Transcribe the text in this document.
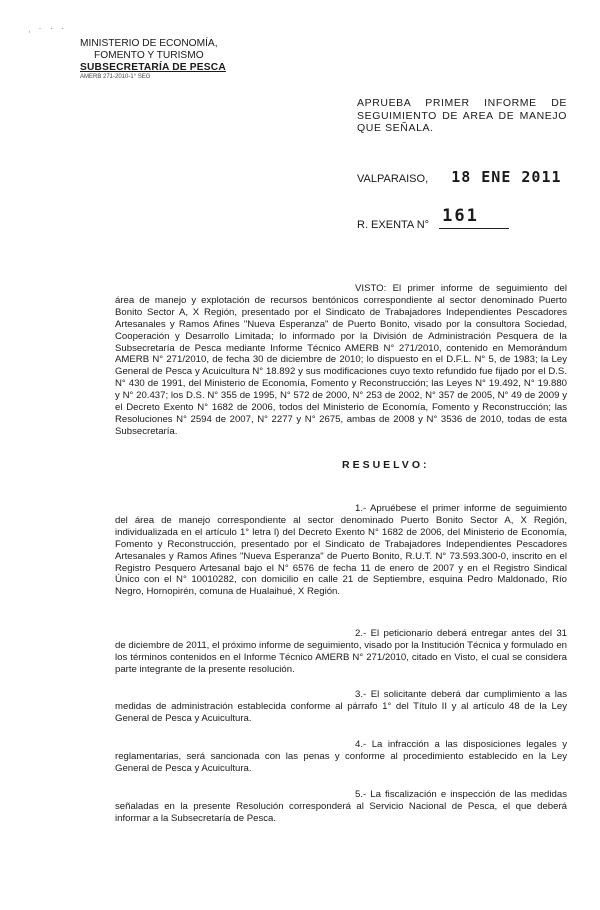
· ˙ ˙ ˙
MINISTERIO DE ECONOMÍA,
FOMENTO Y TURISMO
SUBSECRETARÍA DE PESCA
AMERB 271-2010-1° SEG
APRUEBA PRIMER INFORME DE SEGUIMIENTO DE AREA DE MANEJO QUE SEÑALA.
VALPARAISO, 18 ENE 2011
R. EXENTA N° 161
VISTO: El primer informe de seguimiento del área de manejo y explotación de recursos bentónicos correspondiente al sector denominado Puerto Bonito Sector A, X Región, presentado por el Sindicato de Trabajadores Independientes Pescadores Artesanales y Ramos Afines "Nueva Esperanza" de Puerto Bonito, visado por la consultora Sociedad, Cooperación y Desarrollo Limitada; lo informado por la División de Administración Pesquera de la Subsecretaría de Pesca mediante Informe Técnico AMERB N° 271/2010, contenido en Memorándum AMERB N° 271/2010, de fecha 30 de diciembre de 2010; lo dispuesto en el D.F.L. N° 5, de 1983; la Ley General de Pesca y Acuicultura N° 18.892 y sus modificaciones cuyo texto refundido fue fijado por el D.S. N° 430 de 1991, del Ministerio de Economía, Fomento y Reconstrucción; las Leyes N° 19.492, N° 19.880 y N° 20.437; los D.S. N° 355 de 1995, N° 572 de 2000, N° 253 de 2002, N° 357 de 2005, N° 49 de 2009 y el Decreto Exento N° 1682 de 2006, todos del Ministerio de Economía, Fomento y Reconstrucción; las Resoluciones N° 2594 de 2007, N° 2277 y N° 2675, ambas de 2008 y N° 3536 de 2010, todas de esta Subsecretaría.
RESUELVO:
1.- Apruébese el primer informe de seguimiento del área de manejo correspondiente al sector denominado Puerto Bonito Sector A, X Región, individualizada en el artículo 1° letra l) del Decreto Exento N° 1682 de 2006, del Ministerio de Economía, Fomento y Reconstrucción, presentado por el Sindicato de Trabajadores Independientes Pescadores Artesanales y Ramos Afines "Nueva Esperanza" de Puerto Bonito, R.U.T. N° 73.593.300-0, inscrito en el Registro Pesquero Artesanal bajo el N° 6576 de fecha 11 de enero de 2007 y en el Registro Sindical Único con el N° 10010282, con domicilio en calle 21 de Septiembre, esquina Pedro Maldonado, Río Negro, Hornopirén, comuna de Hualaihué, X Región.
2.- El peticionario deberá entregar antes del 31 de diciembre de 2011, el próximo informe de seguimiento, visado por la Institución Técnica y formulado en los términos contenidos en el Informe Técnico AMERB N° 271/2010, citado en Visto, el cual se considera parte integrante de la presente resolución.
3.- El solicitante deberá dar cumplimiento a las medidas de administración establecida conforme al párrafo 1° del Título II y al artículo 48 de la Ley General de Pesca y Acuicultura.
4.- La infracción a las disposiciones legales y reglamentarias, será sancionada con las penas y conforme al procedimiento establecido en la Ley General de Pesca y Acuicultura.
5.- La fiscalización e inspección de las medidas señaladas en la presente Resolución corresponderá al Servicio Nacional de Pesca, el que deberá informar a la Subsecretaría de Pesca.
